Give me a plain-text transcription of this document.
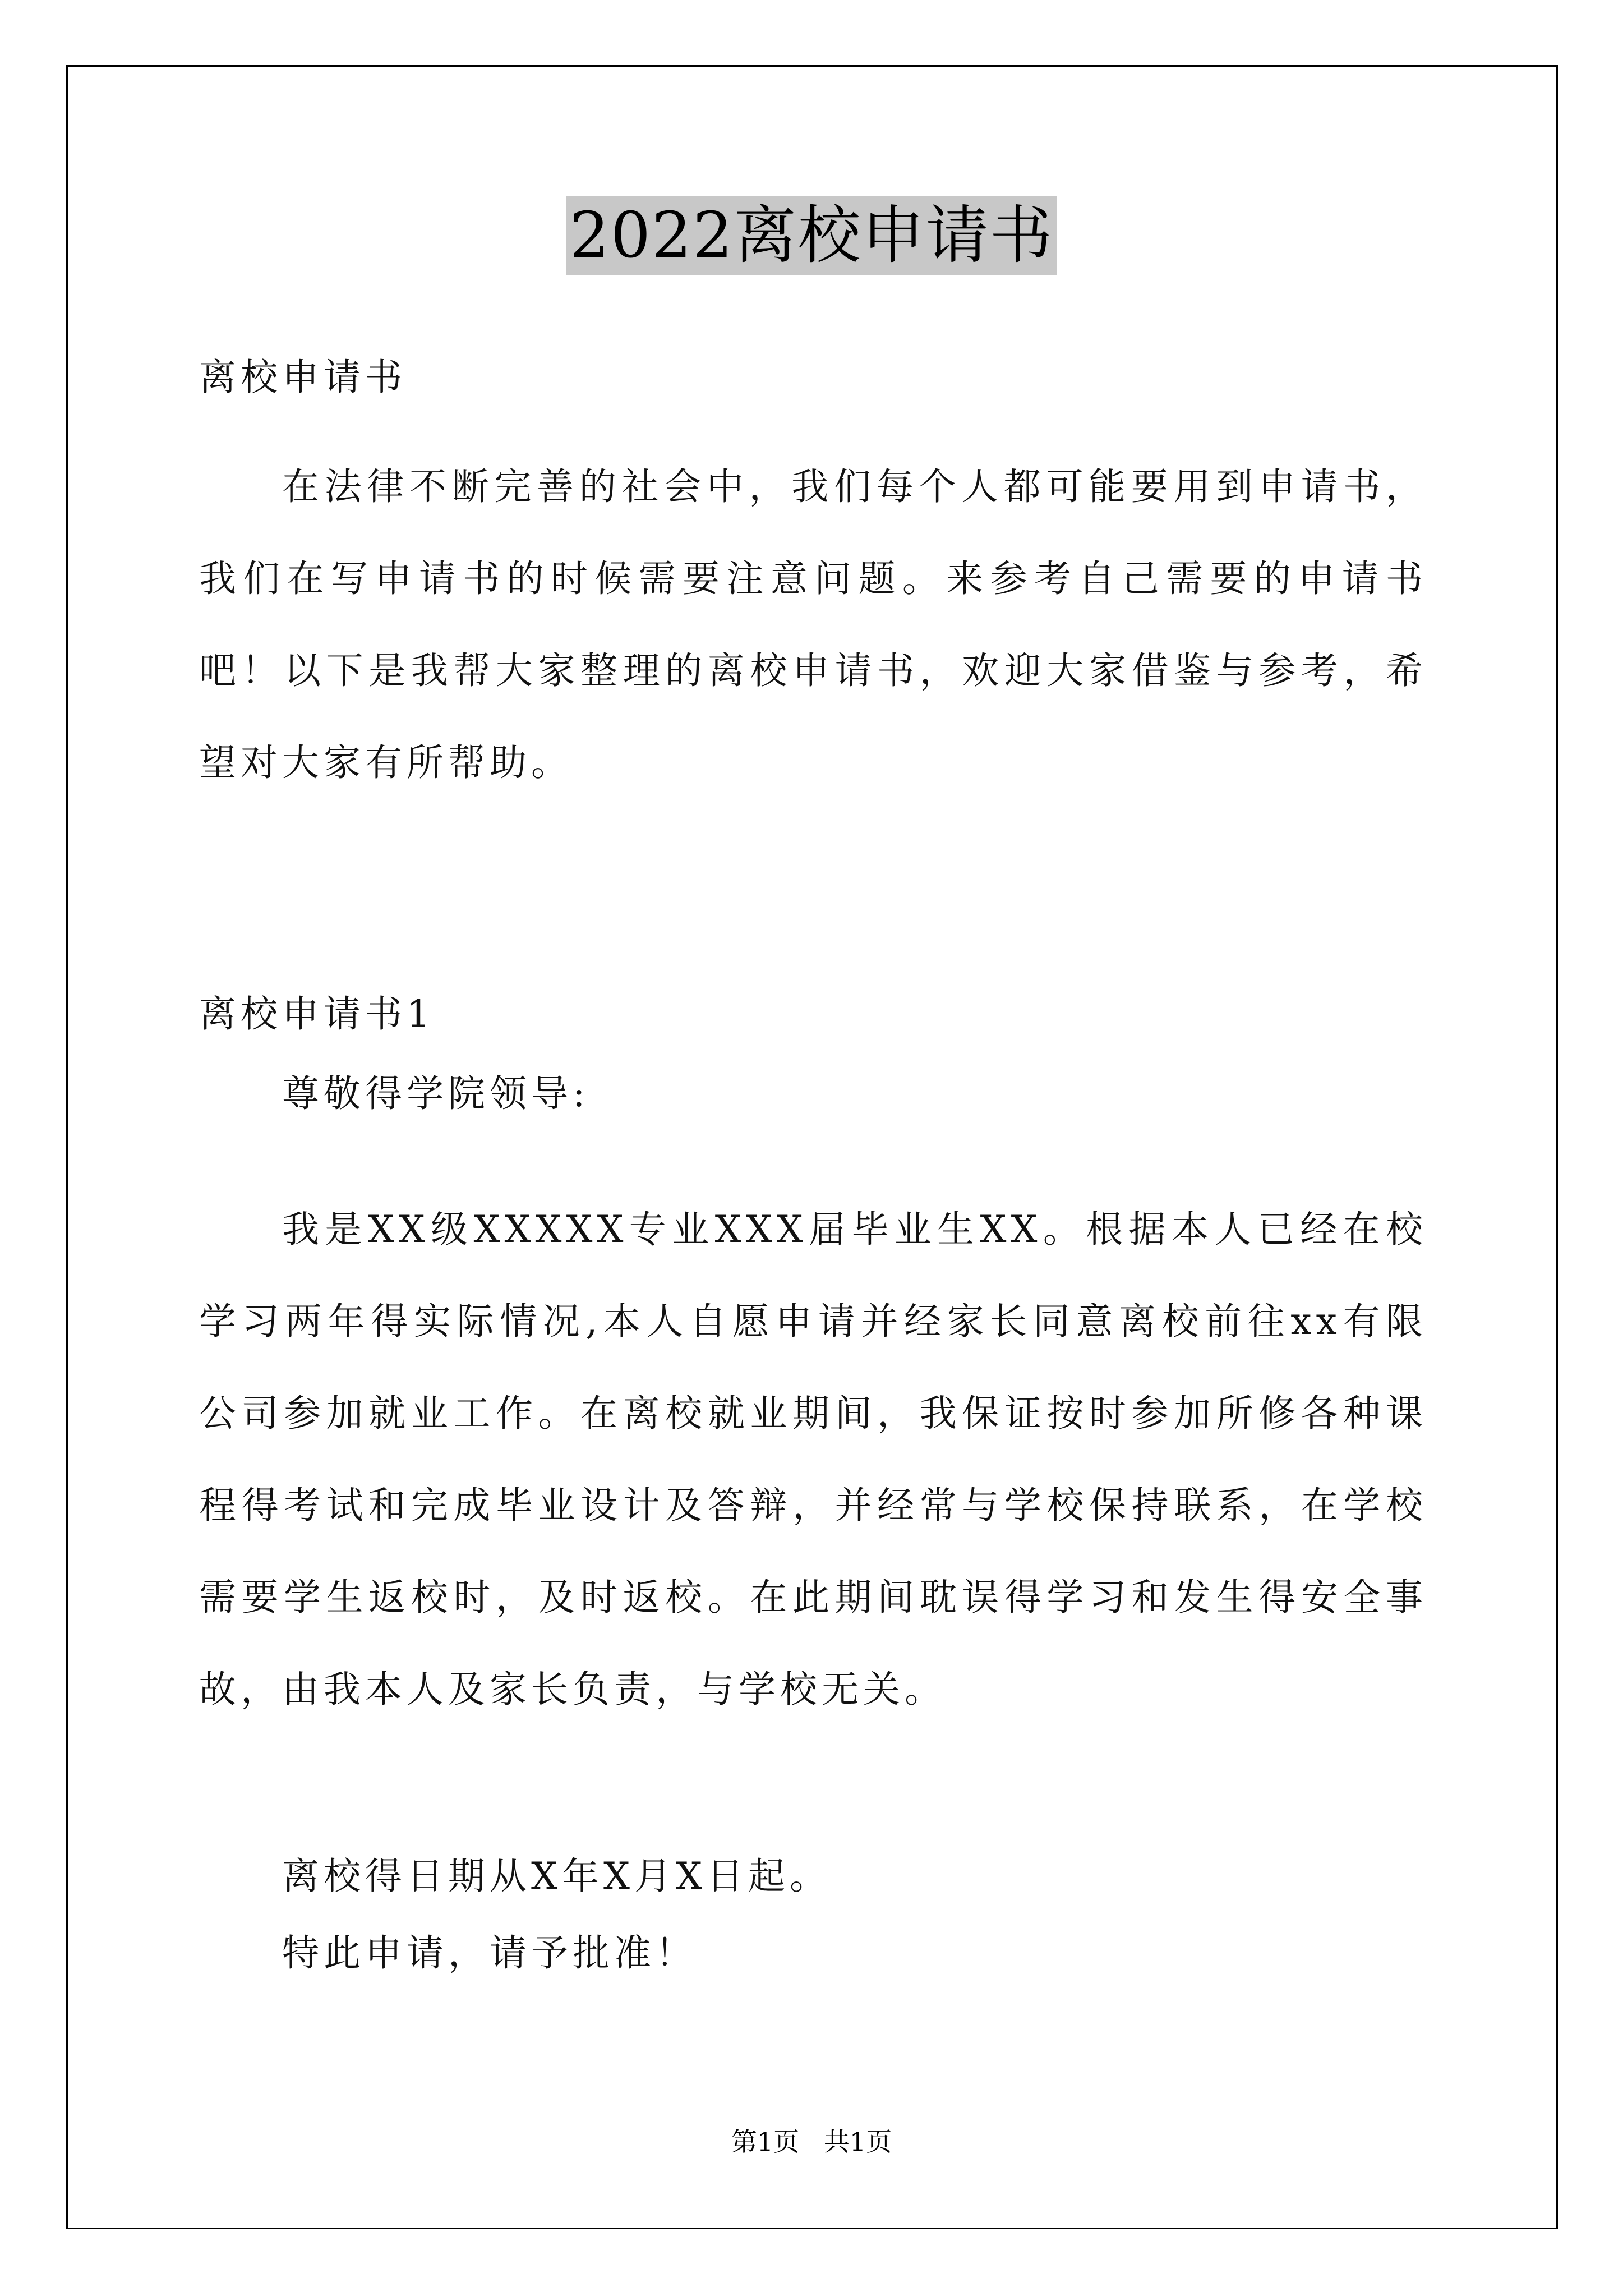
2022离校申请书

离校申请书

在法律不断完善的社会中，我们每个人都可能要用到申请书，我们在写申请书的时候需要注意问题。来参考自己需要的申请书吧！以下是我帮大家整理的离校申请书，欢迎大家借鉴与参考，希望对大家有所帮助。

离校申请书1

尊敬得学院领导:

我是XX级XXXXX专业XXX届毕业生XX。根据本人已经在校学习两年得实际情况,本人自愿申请并经家长同意离校前往xx有限公司参加就业工作。在离校就业期间，我保证按时参加所修各种课程得考试和完成毕业设计及答辩，并经常与学校保持联系，在学校需要学生返校时，及时返校。在此期间耽误得学习和发生得安全事故，由我本人及家长负责，与学校无关。

离校得日期从X年X月X日起。

特此申请，请予批准！

第1页   共1页
